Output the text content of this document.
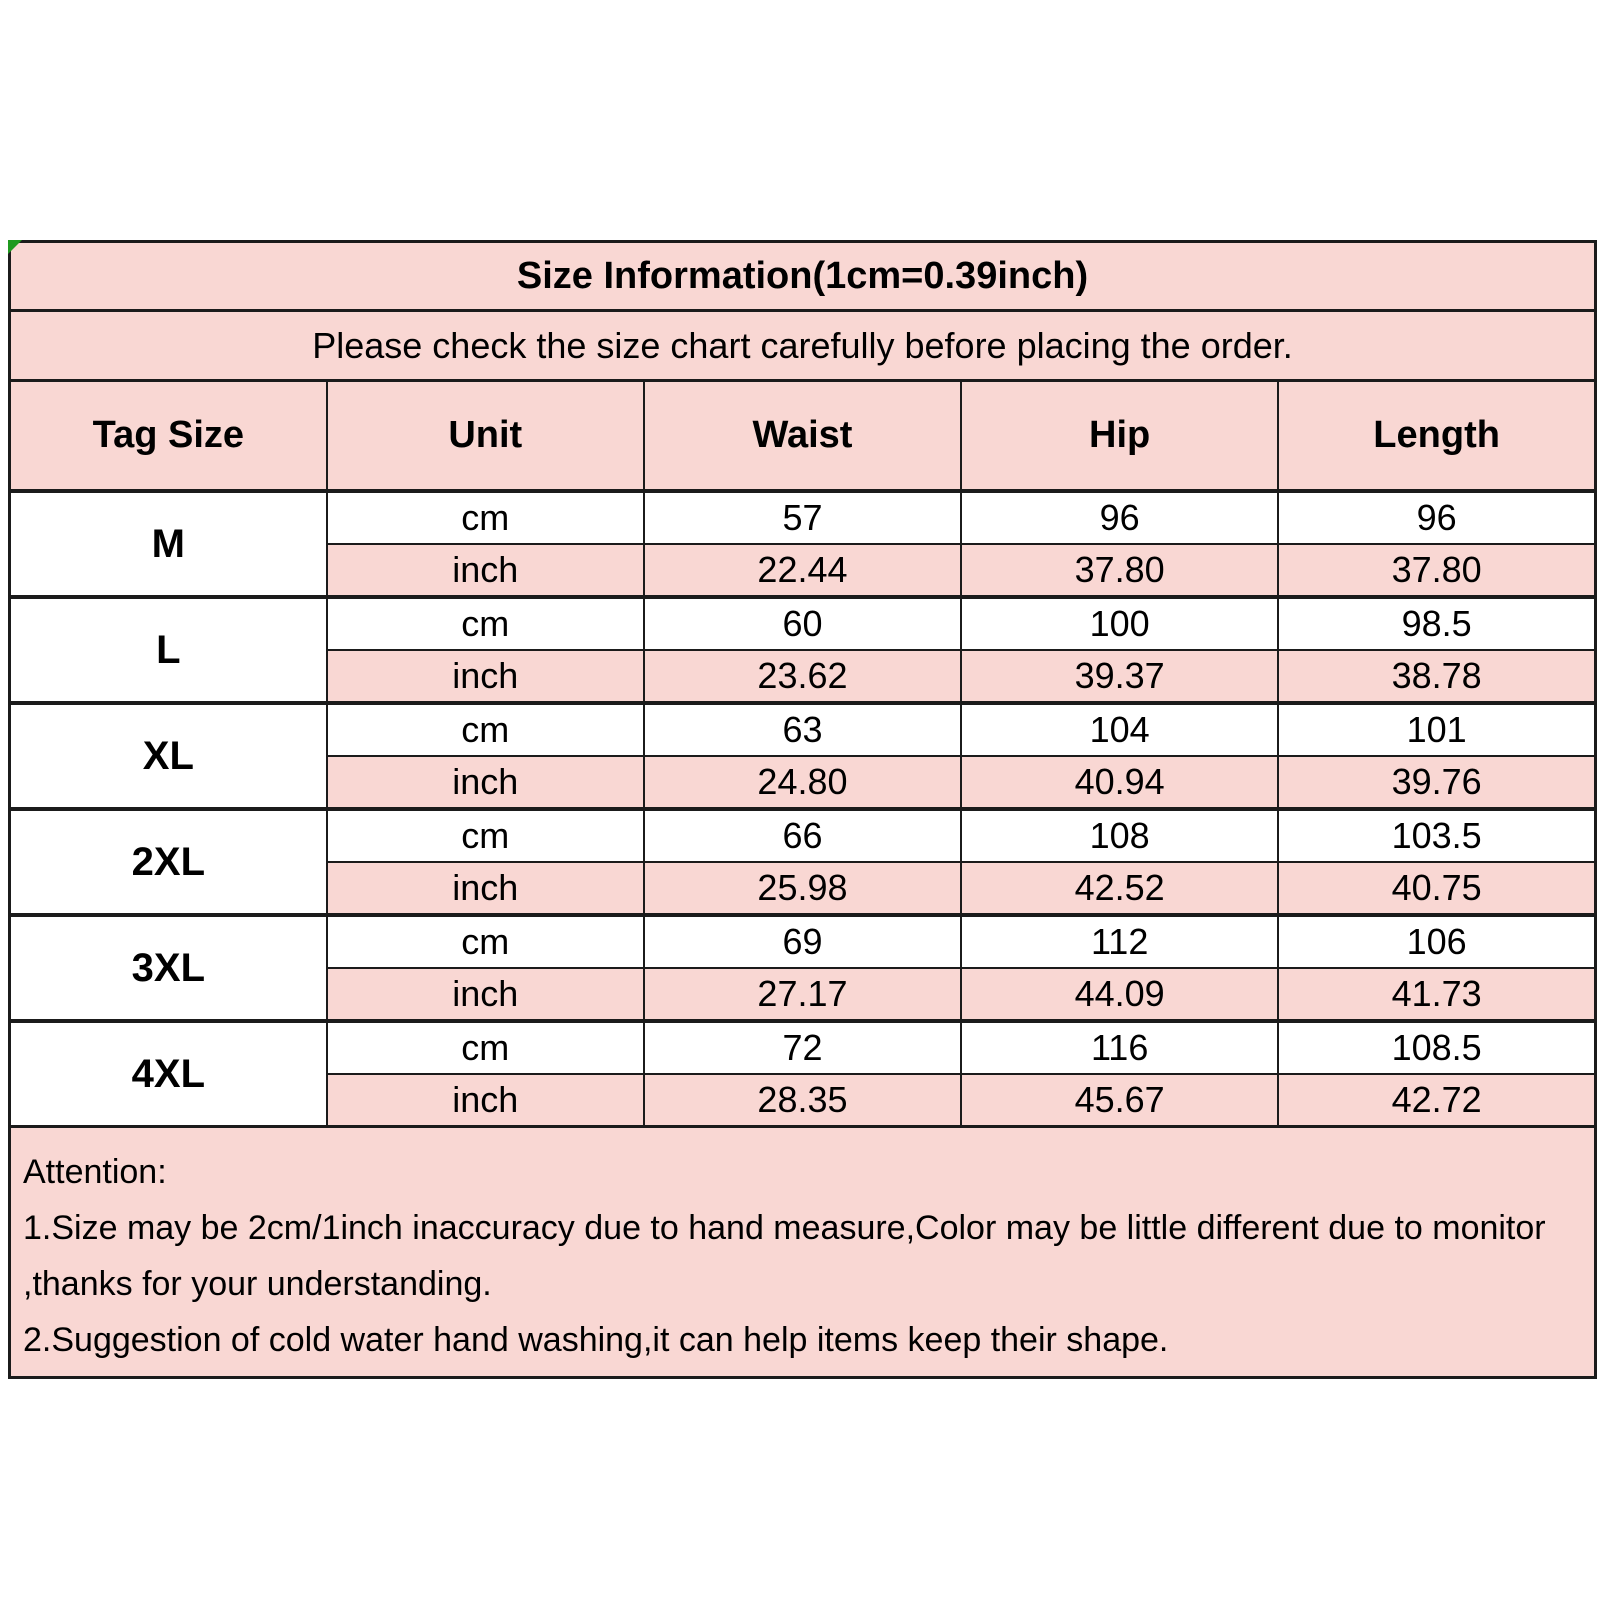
Size Information(1cm=0.39inch)				
Please check the size chart carefully before placing the order.				
Tag Size	Unit	Waist	Hip	Length
M	cm	57	96	96
	inch	22.44	37.80	37.80
L	cm	60	100	98.5
	inch	23.62	39.37	38.78
XL	cm	63	104	101
	inch	24.80	40.94	39.76
2XL	cm	66	108	103.5
	inch	25.98	42.52	40.75
3XL	cm	69	112	106
	inch	27.17	44.09	41.73
4XL	cm	72	116	108.5
	inch	28.35	45.67	42.72

Attention:

1.Size may be 2cm/1inch inaccuracy due to hand measure,Color may be little different due to monitor ,thanks for your understanding.

2.Suggestion of cold water hand washing,it can help items keep their shape.				
